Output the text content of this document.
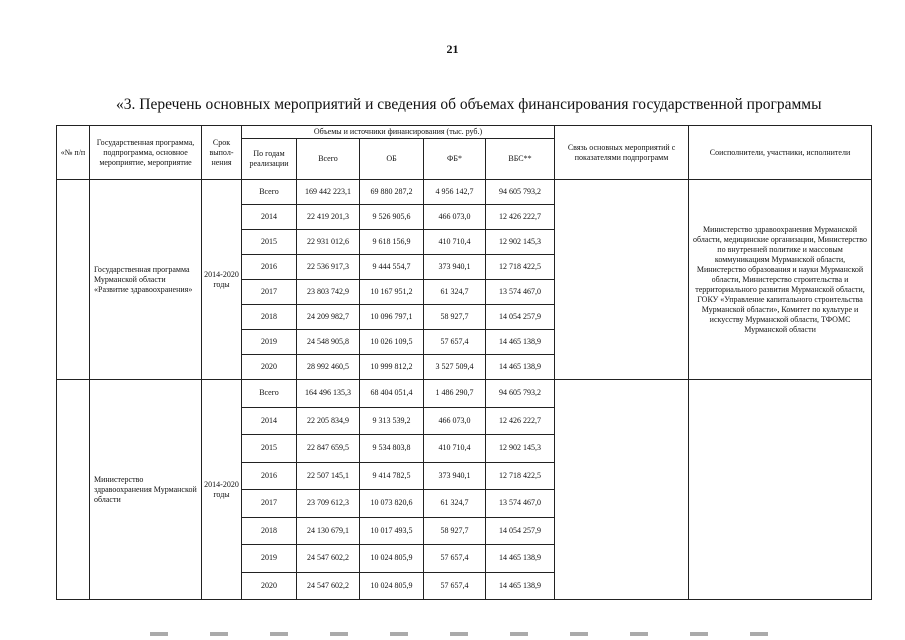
21
«3. Перечень основных мероприятий и сведения об объемах финансирования государственной программы
«№ п/п	Государственная программа, подпрограмма, основное мероприятие, мероприятие	Срок выпол-нения	Объемы и источники финансирования (тыс. руб.)					Связь основных мероприятий с показателями подпрограмм	Соисполнители, участники, исполнители
			По годам реализации	Всего	ОБ	ФБ*	ВБС**		
	Государственная программа Мурманской области «Развитие здравоохранения»	2014-2020 годы	Всего	169 442 223,1	69 880 287,2	4 956 142,7	94 605 793,2		Министерство здравоохранения Мурманской области, медицинские организации, Министерство по внутренней политике и массовым коммуникациям Мурманской области, Министерство образования и науки Мурманской области, Министерство строительства и территориального развития Мурманской области, ГОКУ «Управление капитального строительства Мурманской области», Комитет по культуре и искусству Мурманской области, ТФОМС Мурманской области
			2014	22 419 201,3	9 526 905,6	466 073,0	12 426 222,7		
			2015	22 931 012,6	9 618 156,9	410 710,4	12 902 145,3		
			2016	22 536 917,3	9 444 554,7	373 940,1	12 718 422,5		
			2017	23 803 742,9	10 167 951,2	61 324,7	13 574 467,0		
			2018	24 209 982,7	10 096 797,1	58 927,7	14 054 257,9		
			2019	24 548 905,8	10 026 109,5	57 657,4	14 465 138,9		
			2020	28 992 460,5	10 999 812,2	3 527 509,4	14 465 138,9		
	Министерство здравоохранения Мурманской области	2014-2020 годы	Всего	164 496 135,3	68 404 051,4	1 486 290,7	94 605 793,2		
			2014	22 205 834,9	9 313 539,2	466 073,0	12 426 222,7		
			2015	22 847 659,5	9 534 803,8	410 710,4	12 902 145,3		
			2016	22 507 145,1	9 414 782,5	373 940,1	12 718 422,5		
			2017	23 709 612,3	10 073 820,6	61 324,7	13 574 467,0		
			2018	24 130 679,1	10 017 493,5	58 927,7	14 054 257,9		
			2019	24 547 602,2	10 024 805,9	57 657,4	14 465 138,9		
			2020	24 547 602,2	10 024 805,9	57 657,4	14 465 138,9		
